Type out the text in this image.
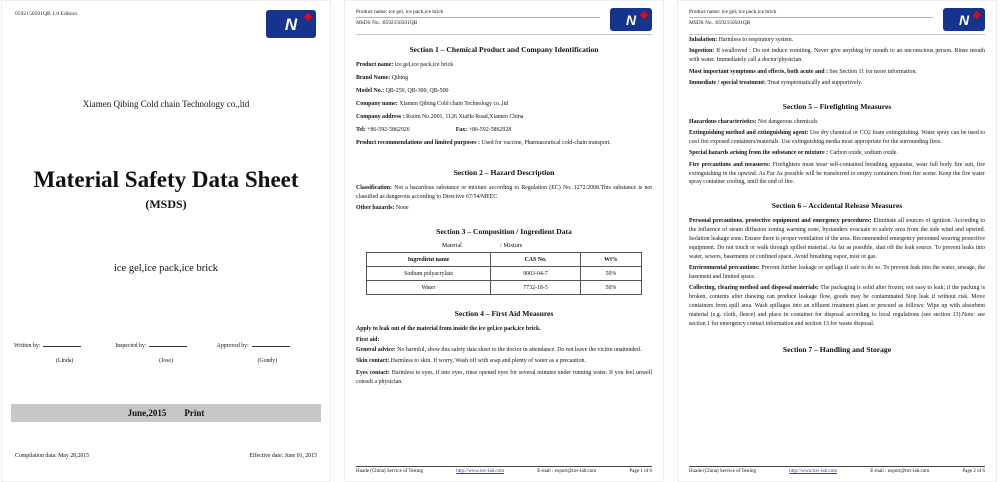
0592150501QB 1.0 Edition
N
Xiamen Qibing Cold chain Technology co.,ltd
Material Safety Data Sheet
(MSDS)
ice gel,ice pack,ice brick
Written by:	Inspected by:	Approved by:
(Linda)	(Jose)	(Gondy)
June,2015 Print
Compilation data: May 28,2015	Effective date: June 01, 2015
Product name: ice gel, ice pack,ice brick
MSDS No. :0592150501QB	N
Section 1 – Chemical Product and Company Identification

Product name: ice gel,ice pack,ice brick

Brand Name: Qibing

Model No.: QB-250, QB-300, QB-500

Company name: Xiamen Qibing Cold chain Technology co.,ltd

Company address : Room No.2001, 1126 XiaHe Road,Xiamen China

Tel: +86-592-5862926	Fax: +86-592-5862928

Product recommendations and limited purposes : Used for vaccine, Pharmaceutical cold-chain transport.

Section 2 – Hazard Description

Classification: Not a hazardous substance or mixture according to Regulation (EC) No. 1272/2008.This substance is not classified as dangerous according to Directive 67/54/MEEC

Other hazards: None

Section 3 – Composition / Ingredient Data
Material	/ Mixture
Ingredient name	CAS No.	Wt%
Sodium polyacrylate	9003-04-7	50%
Water	7732-18-5	50%
Section 4 – First Aid Measures

Apply to leak out of the material from inside the ice gel,ice pack,ice brick.

First aid:

General advice: No harmful, show this safety data sheet to the doctor in attendance. Do not leave the victim unattended.

Skin contact: Harmless to skin. If worry, Wash off with soap and plenty of water as a precaution.

Eyes contact: Harmless to eyes, if into eyes, rinse opened eyes for several minutes under running water. If you feel unwell consult a physician.

Huade (China) Service of Testing	http://www.tuv-lab.com	E-mail : export@tuv-lab.com	Page 1 of 6
Product name: ice gel, ice pack,ice brick
MSDS No. :0592150501QB	N

Inhalation: Harmless to respiratory system.

Ingestion: If swallowed : Do not induce vomiting. Never give anything by mouth to an unconscious person. Rinse mouth with water. Immediately call a doctor/physician.

Most important symptoms and effects, both acute and : See Section 11 for more information.

Immediate / special treatment: Treat symptomatically and supportively.

Section 5 – Firefighting Measures

Hazardous characteristics: Not dangerous chemicals

Extinguishing method and extinguishing agent: Use dry chemical or CO2 foam extinguishing. Water spray can be used to cool fire exposed containers/materials. Use extinguishing media most appropriate for the surrounding fires.

Special hazards arising from the substance or mixture : Carbon oxide, sodium oxide.

Fire precautions and measures: Firefighters must wear self-contained breathing apparatus, wear full body fire suit, fire extinguishing in the upwind. As Far As possible will be transferred to empty containers from fire scene. Keep the fire water spray container cooling, until the end of fire.

Section 6 – Accidental Release Measures

Personal precautions, protective equipment and emergency procedures: Eliminate all sources of ignition. According to the influence of steam diffusion zoning warning zone, bystanders evacuate to safety area from the side wind and upwind. Isolation leakage zone. Ensure there is proper ventilation of the area. Recommended emergency personnel wearing protective equipment. Do not touch or walk through spilled material. As far as possible, shut off the leak source. To prevent leaks into water, sewers, basements or confined space. Avoid breathing vapor, mist or gas.

Environmental precautions: Prevent further leakage or spillage if safe to do so. To prevent leak into the water, sewage, the basement and limited space.

Collecting, clearing method and disposal materials: The packaging is solid after frozen, not easy to leak; if the packing is broken, contents after thawing can produce leakage flow, goods may be contaminated Stop leak if without risk. Move containers from spill area. Wash spillages into an effluent treatment plant or proceed as follows: Wipe up with absorbent material (e.g. cloth, fleece) and place in container for disposal according to local regulations (see section 13).Note: see section 1 for emergency contact information and section 13 for waste disposal.

Section 7 – Handling and Storage
Huade (China) Service of Testing	http://www.tuv-lab.com	E-mail : export@tuv-lab.com	Page 2 of 6
